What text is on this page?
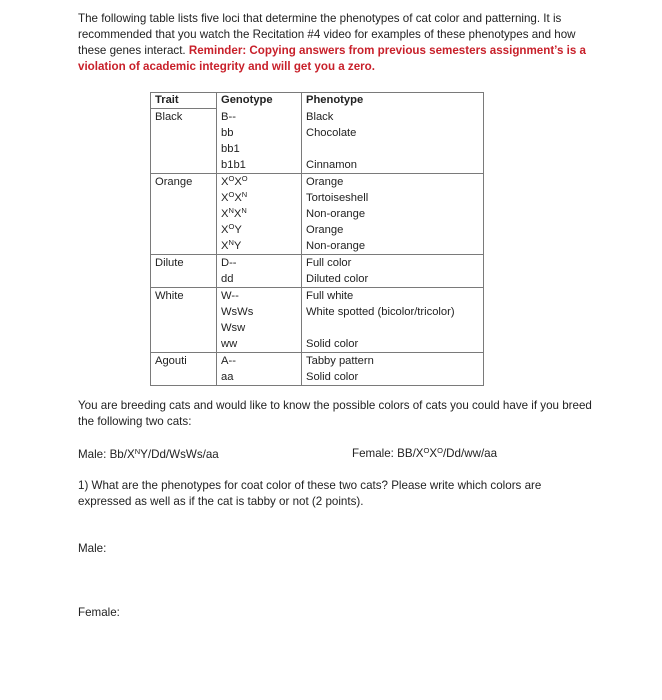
The following table lists five loci that determine the phenotypes of cat color and patterning. It is recommended that you watch the Recitation #4 video for examples of these phenotypes and how these genes interact. Reminder: Copying answers from previous semesters assignment’s is a violation of academic integrity and will get you a zero.
Trait	Genotype	Phenotype
Black	B--	Black
	bb	Chocolate
	bb1	
	b1b1	Cinnamon
Orange	$X^OX^O$	Orange
	$X^OX^N$	Tortoiseshell
	$X^NX^N$	Non-orange
	$X^OY$	Orange
	$X^NY$	Non-orange
Dilute	D--	Full color
	dd	Diluted color
White	W--	Full white
	WsWs	White spotted (bicolor/tricolor)
	Wsw	
	ww	Solid color
Agouti	A--	Tabby pattern
	aa	Solid color
You are breeding cats and would like to know the possible colors of cats you could have if you breed the following two cats:
Male: $Bb/X^NY/Dd/WsWs/aa$	Female: $BB/X^OX^O/Dd/ww/aa$
1) What are the phenotypes for coat color of these two cats? Please write which colors are expressed as well as if the cat is tabby or not (2 points).
Male:
Female:
